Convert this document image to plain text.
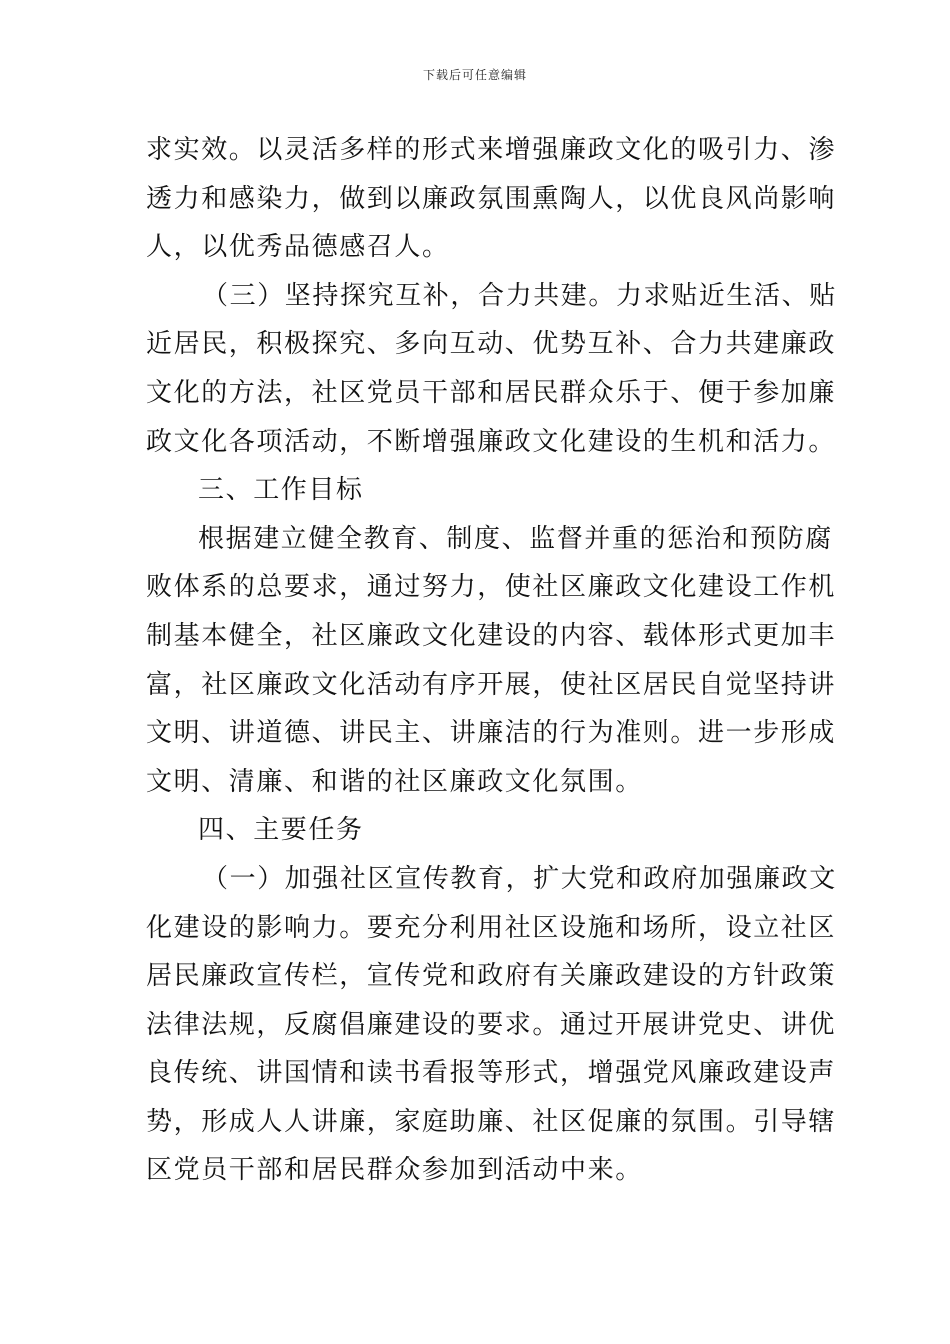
下载后可任意编辑
求实效。以灵活多样的形式来增强廉政文化的吸引力、渗
透力和感染力，做到以廉政氛围熏陶人，以优良风尚影响
人，以优秀品德感召人。
（三）坚持探究互补，合力共建。力求贴近生活、贴
近居民，积极探究、多向互动、优势互补、合力共建廉政
文化的方法，社区党员干部和居民群众乐于、便于参加廉
政文化各项活动，不断增强廉政文化建设的生机和活力。
三、工作目标
根据建立健全教育、制度、监督并重的惩治和预防腐
败体系的总要求，通过努力，使社区廉政文化建设工作机
制基本健全，社区廉政文化建设的内容、载体形式更加丰
富，社区廉政文化活动有序开展，使社区居民自觉坚持讲
文明、讲道德、讲民主、讲廉洁的行为准则。进一步形成
文明、清廉、和谐的社区廉政文化氛围。
四、主要任务
（一）加强社区宣传教育，扩大党和政府加强廉政文
化建设的影响力。要充分利用社区设施和场所，设立社区
居民廉政宣传栏，宣传党和政府有关廉政建设的方针政策
法律法规，反腐倡廉建设的要求。通过开展讲党史、讲优
良传统、讲国情和读书看报等形式，增强党风廉政建设声
势，形成人人讲廉，家庭助廉、社区促廉的氛围。引导辖
区党员干部和居民群众参加到活动中来。
